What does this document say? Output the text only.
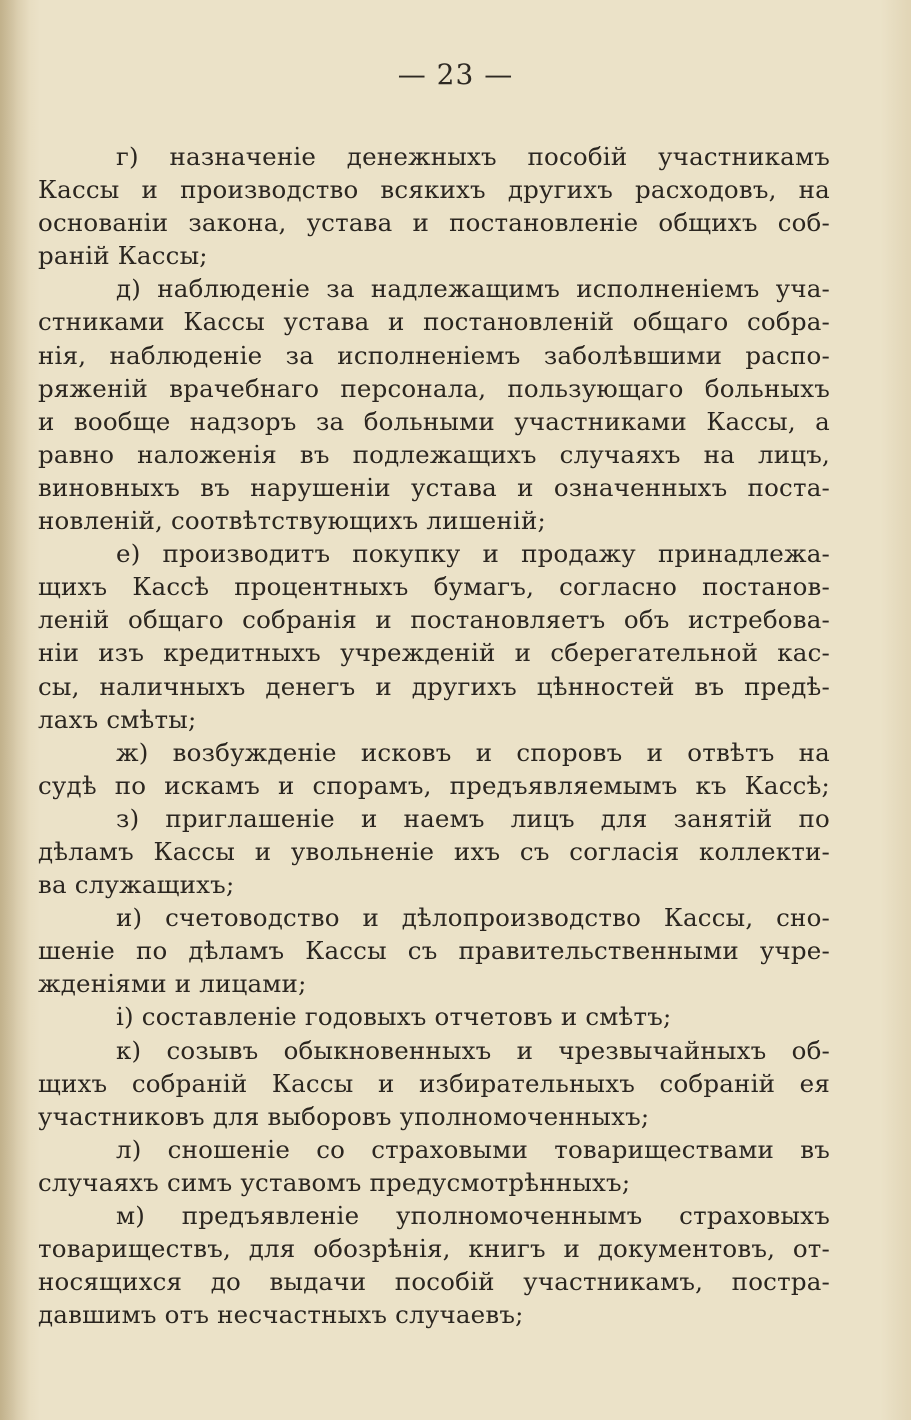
— 23 —
г) назначеніе денежныхъ пособій участникамъ
Кассы и производство всякихъ другихъ расходовъ, на
основаніи закона, устава и постановленіе общихъ соб-
раній Кассы;
д) наблюденіе за надлежащимъ исполненіемъ уча-
стниками Кассы устава и постановленій общаго собра-
нія, наблюденіе за исполненіемъ заболѣвшими распо-
ряженій врачебнаго персонала, пользующаго больныхъ
и вообще надзоръ за больными участниками Кассы, а
равно наложенія въ подлежащихъ случаяхъ на лицъ,
виновныхъ въ нарушеніи устава и означенныхъ поста-
новленій, соотвѣтствующихъ лишеній;
е) производитъ покупку и продажу принадлежа-
щихъ Кассѣ процентныхъ бумагъ, согласно постанов-
леній общаго собранія и постановляетъ объ истребова-
ніи изъ кредитныхъ учрежденій и сберегательной кас-
сы, наличныхъ денегъ и другихъ цѣнностей въ предѣ-
лахъ смѣты;
ж) возбужденіе исковъ и споровъ и отвѣтъ на
судѣ по искамъ и спорамъ, предъявляемымъ къ Кассѣ;
з) приглашеніе и наемъ лицъ для занятій по
дѣламъ Кассы и увольненіе ихъ съ согласія коллекти-
ва служащихъ;
и) счетоводство и дѣлопроизводство Кассы, сно-
шеніе по дѣламъ Кассы съ правительственными учре-
жденіями и лицами;
і) составленіе годовыхъ отчетовъ и смѣтъ;
к) созывъ обыкновенныхъ и чрезвычайныхъ об-
щихъ собраній Кассы и избирательныхъ собраній ея
участниковъ для выборовъ уполномоченныхъ;
л) сношеніе со страховыми товариществами въ
случаяхъ симъ уставомъ предусмотрѣнныхъ;
м) предъявленіе уполномоченнымъ страховыхъ
товариществъ, для обозрѣнія, книгъ и документовъ, от-
носящихся до выдачи пособій участникамъ, постра-
давшимъ отъ несчастныхъ случаевъ;
